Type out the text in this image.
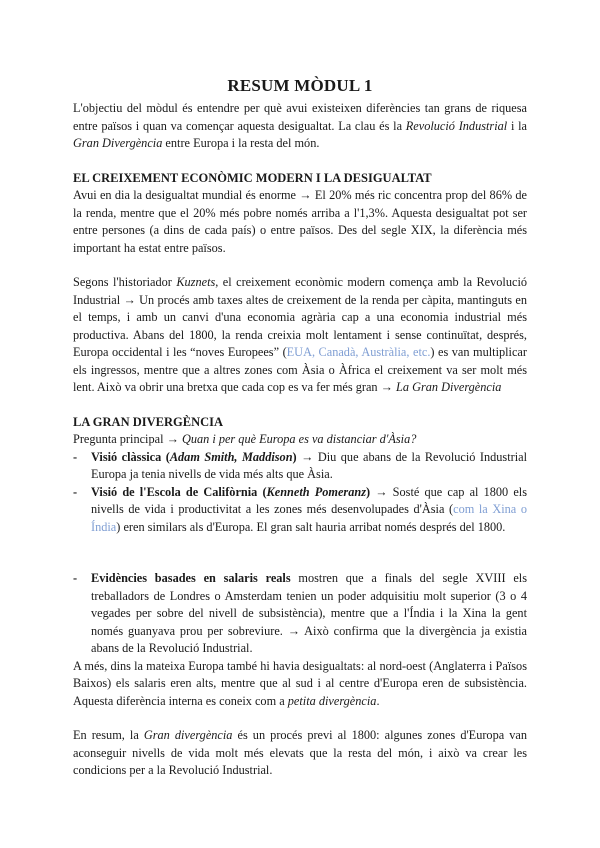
RESUM MÒDUL 1

L'objectiu del mòdul és entendre per què avui existeixen diferències tan grans de riquesa entre països i quan va començar aquesta desigualtat. La clau és la Revolució Industrial i la Gran Divergència entre Europa i la resta del món.

EL CREIXEMENT ECONÒMIC MODERN I LA DESIGUALTAT

Avui en dia la desigualtat mundial és enorme → El 20% més ric concentra prop del 86% de la renda, mentre que el 20% més pobre només arriba a l'1,3%. Aquesta desigualtat pot ser entre persones (a dins de cada país) o entre països. Des del segle XIX, la diferència més important ha estat entre països.

Segons l'historiador Kuznets, el creixement econòmic modern comença amb la Revolució Industrial → Un procés amb taxes altes de creixement de la renda per càpita, mantinguts en el temps, i amb un canvi d'una economia agrària cap a una economia industrial més productiva. Abans del 1800, la renda creixia molt lentament i sense continuïtat, després, Europa occidental i les “noves Europees” (EUA, Canadà, Austràlia, etc.) es van multiplicar els ingressos, mentre que a altres zones com Àsia o Àfrica el creixement va ser molt més lent. Això va obrir una bretxa que cada cop es va fer més gran → La Gran Divergència

LA GRAN DIVERGÈNCIA

Pregunta principal → Quan i per què Europa es va distanciar d'Àsia?

- Visió clàssica (Adam Smith, Maddison) → Diu que abans de la Revolució Industrial Europa ja tenia nivells de vida més alts que Àsia.
- Visió de l'Escola de Califòrnia (Kenneth Pomeranz) → Sosté que cap al 1800 els nivells de vida i productivitat a les zones més desenvolupades d'Àsia (com la Xina o Índia) eren similars als d'Europa. El gran salt hauria arribat només després del 1800.
- Evidències basades en salaris reals mostren que a finals del segle XVIII els treballadors de Londres o Amsterdam tenien un poder adquisitiu molt superior (3 o 4 vegades per sobre del nivell de subsistència), mentre que a l'Índia i la Xina la gent només guanyava prou per sobreviure. → Això confirma que la divergència ja existia abans de la Revolució Industrial.

A més, dins la mateixa Europa també hi havia desigualtats: al nord-oest (Anglaterra i Països Baixos) els salaris eren alts, mentre que al sud i al centre d'Europa eren de subsistència. Aquesta diferència interna es coneix com a petita divergència.

En resum, la Gran divergència és un procés previ al 1800: algunes zones d'Europa van aconseguir nivells de vida molt més elevats que la resta del món, i això va crear les condicions per a la Revolució Industrial.
